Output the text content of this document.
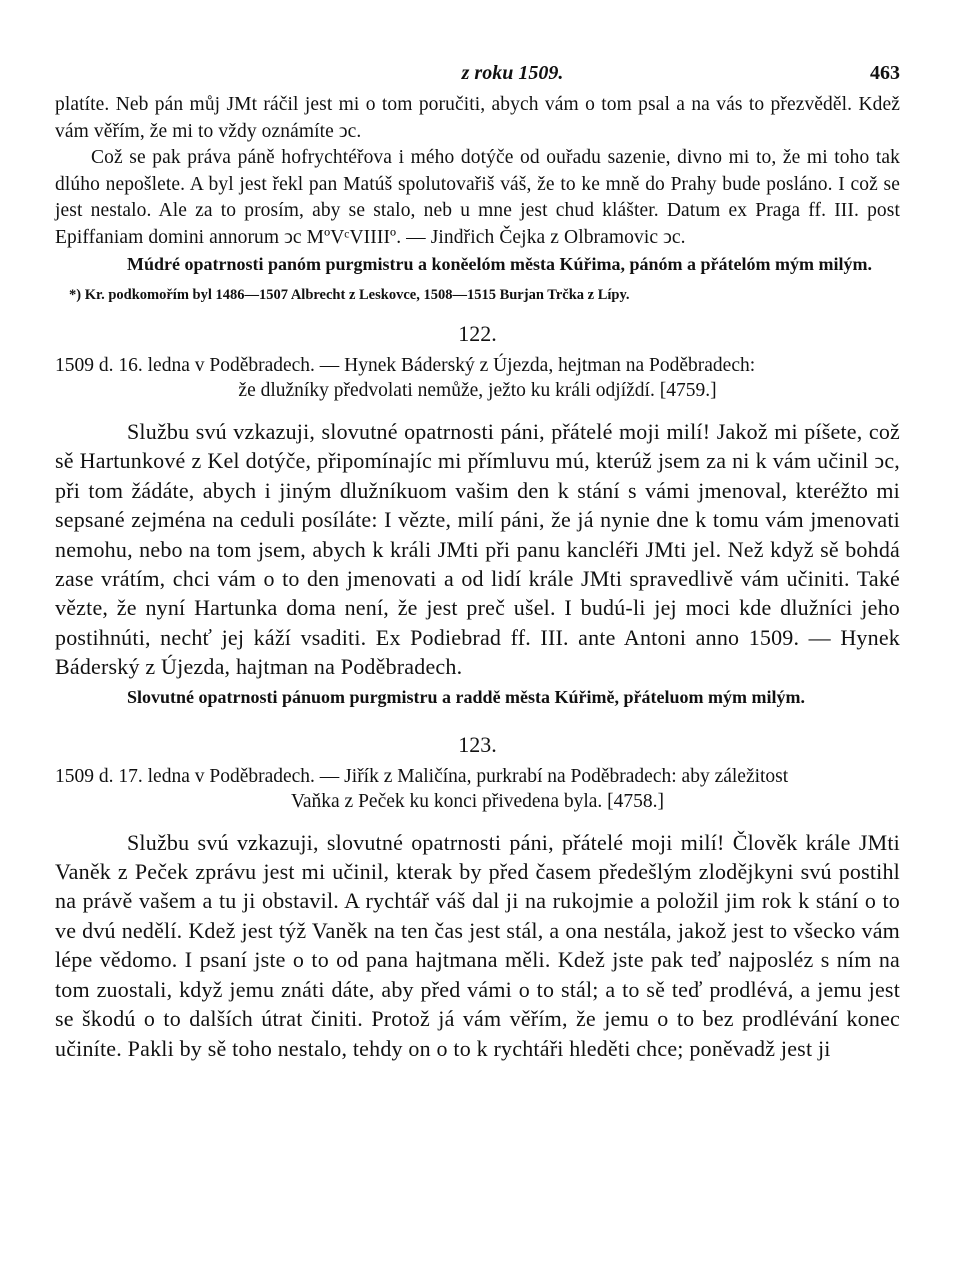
z roku 1509.	463

platíte. Neb pán můj JMt ráčil jest mi o tom poručiti, abych vám o tom psal a na vás to přezvěděl. Kdež vám věřím, že mi to vždy oznámíte ↄc.

Což se pak práva páně hofrychtéřova i mého dotýče od ouřadu sazenie, divno mi to, že mi toho tak dlúho nepošlete. A byl jest řekl pan Matúš spolutovařiš váš, že to ke mně do Prahy bude posláno. I což se jest nestalo. Ale za to prosím, aby se stalo, neb u mne jest chud klášter. Datum ex Praga ff. III. post Epiffaniam domini annorum ↄc MºVᶜVIIIIº. — Jindřich Čejka z Olbramovic ↄc.

Múdré opatrnosti panóm purgmistru a koněelóm města Kúřima, pánóm a přátelóm mým milým.
*) Kr. podkomořím byl 1486—1507 Albrecht z Leskovce, 1508—1515 Burjan Trčka z Lípy.
122.
1509 d. 16. ledna v Poděbradech. — Hynek Báderský z Újezda, hejtman na Poděbradech:
že dlužníky předvolati nemůže, ježto ku králi odjíždí. [4759.]
Službu svú vzkazuji, slovutné opatrnosti páni, přátelé moji milí! Jakož mi píšete, což sě Hartunkové z Kel dotýče, připomínajíc mi přímluvu mú, kterúž jsem za ni k vám učinil ↄc, při tom žádáte, abych i jiným dlužníkuom vašim den k stání s vámi jmenoval, kteréžto mi sepsané zejména na ceduli posíláte: I vězte, milí páni, že já nynie dne k tomu vám jmenovati nemohu, nebo na tom jsem, abych k králi JMti při panu kancléři JMti jel. Než když sě bohdá zase vrátím, chci vám o to den jmenovati a od lidí krále JMti spravedlivě vám učiniti. Také vězte, že nyní Hartunka doma není, že jest preč ušel. I budú-li jej moci kde dlužníci jeho postihnúti, nechť jej káží vsaditi. Ex Podiebrad ff. III. ante Antoni anno 1509. — Hynek Báderský z Újezda, hajtman na Poděbradech.
Slovutné opatrnosti pánuom purgmistru a raddě města Kúřimě, přáteluom mým milým.
123.
1509 d. 17. ledna v Poděbradech. — Jiřík z Maličína, purkrabí na Poděbradech: aby záležitost
Vaňka z Peček ku konci přivedena byla. [4758.]
Službu svú vzkazuji, slovutné opatrnosti páni, přátelé moji milí! Člověk krále JMti Vaněk z Peček zprávu jest mi učinil, kterak by před časem předešlým zlodějkyni svú postihl na právě vašem a tu ji obstavil. A rychtář váš dal ji na rukojmie a položil jim rok k stání o to ve dvú nedělí. Kdež jest týž Vaněk na ten čas jest stál, a ona nestála, jakož jest to všecko vám lépe vědomo. I psaní jste o to od pana hajtmana měli. Kdež jste pak teď najposléz s ním na tom zuostali, když jemu znáti dáte, aby před vámi o to stál; a to sě teď prodlévá, a jemu jest se škodú o to dalších útrat činiti. Protož já vám věřím, že jemu o to bez prodlévání konec učiníte. Pakli by sě toho nestalo, tehdy on o to k rychtáři hleděti chce; poněvadž jest ji
